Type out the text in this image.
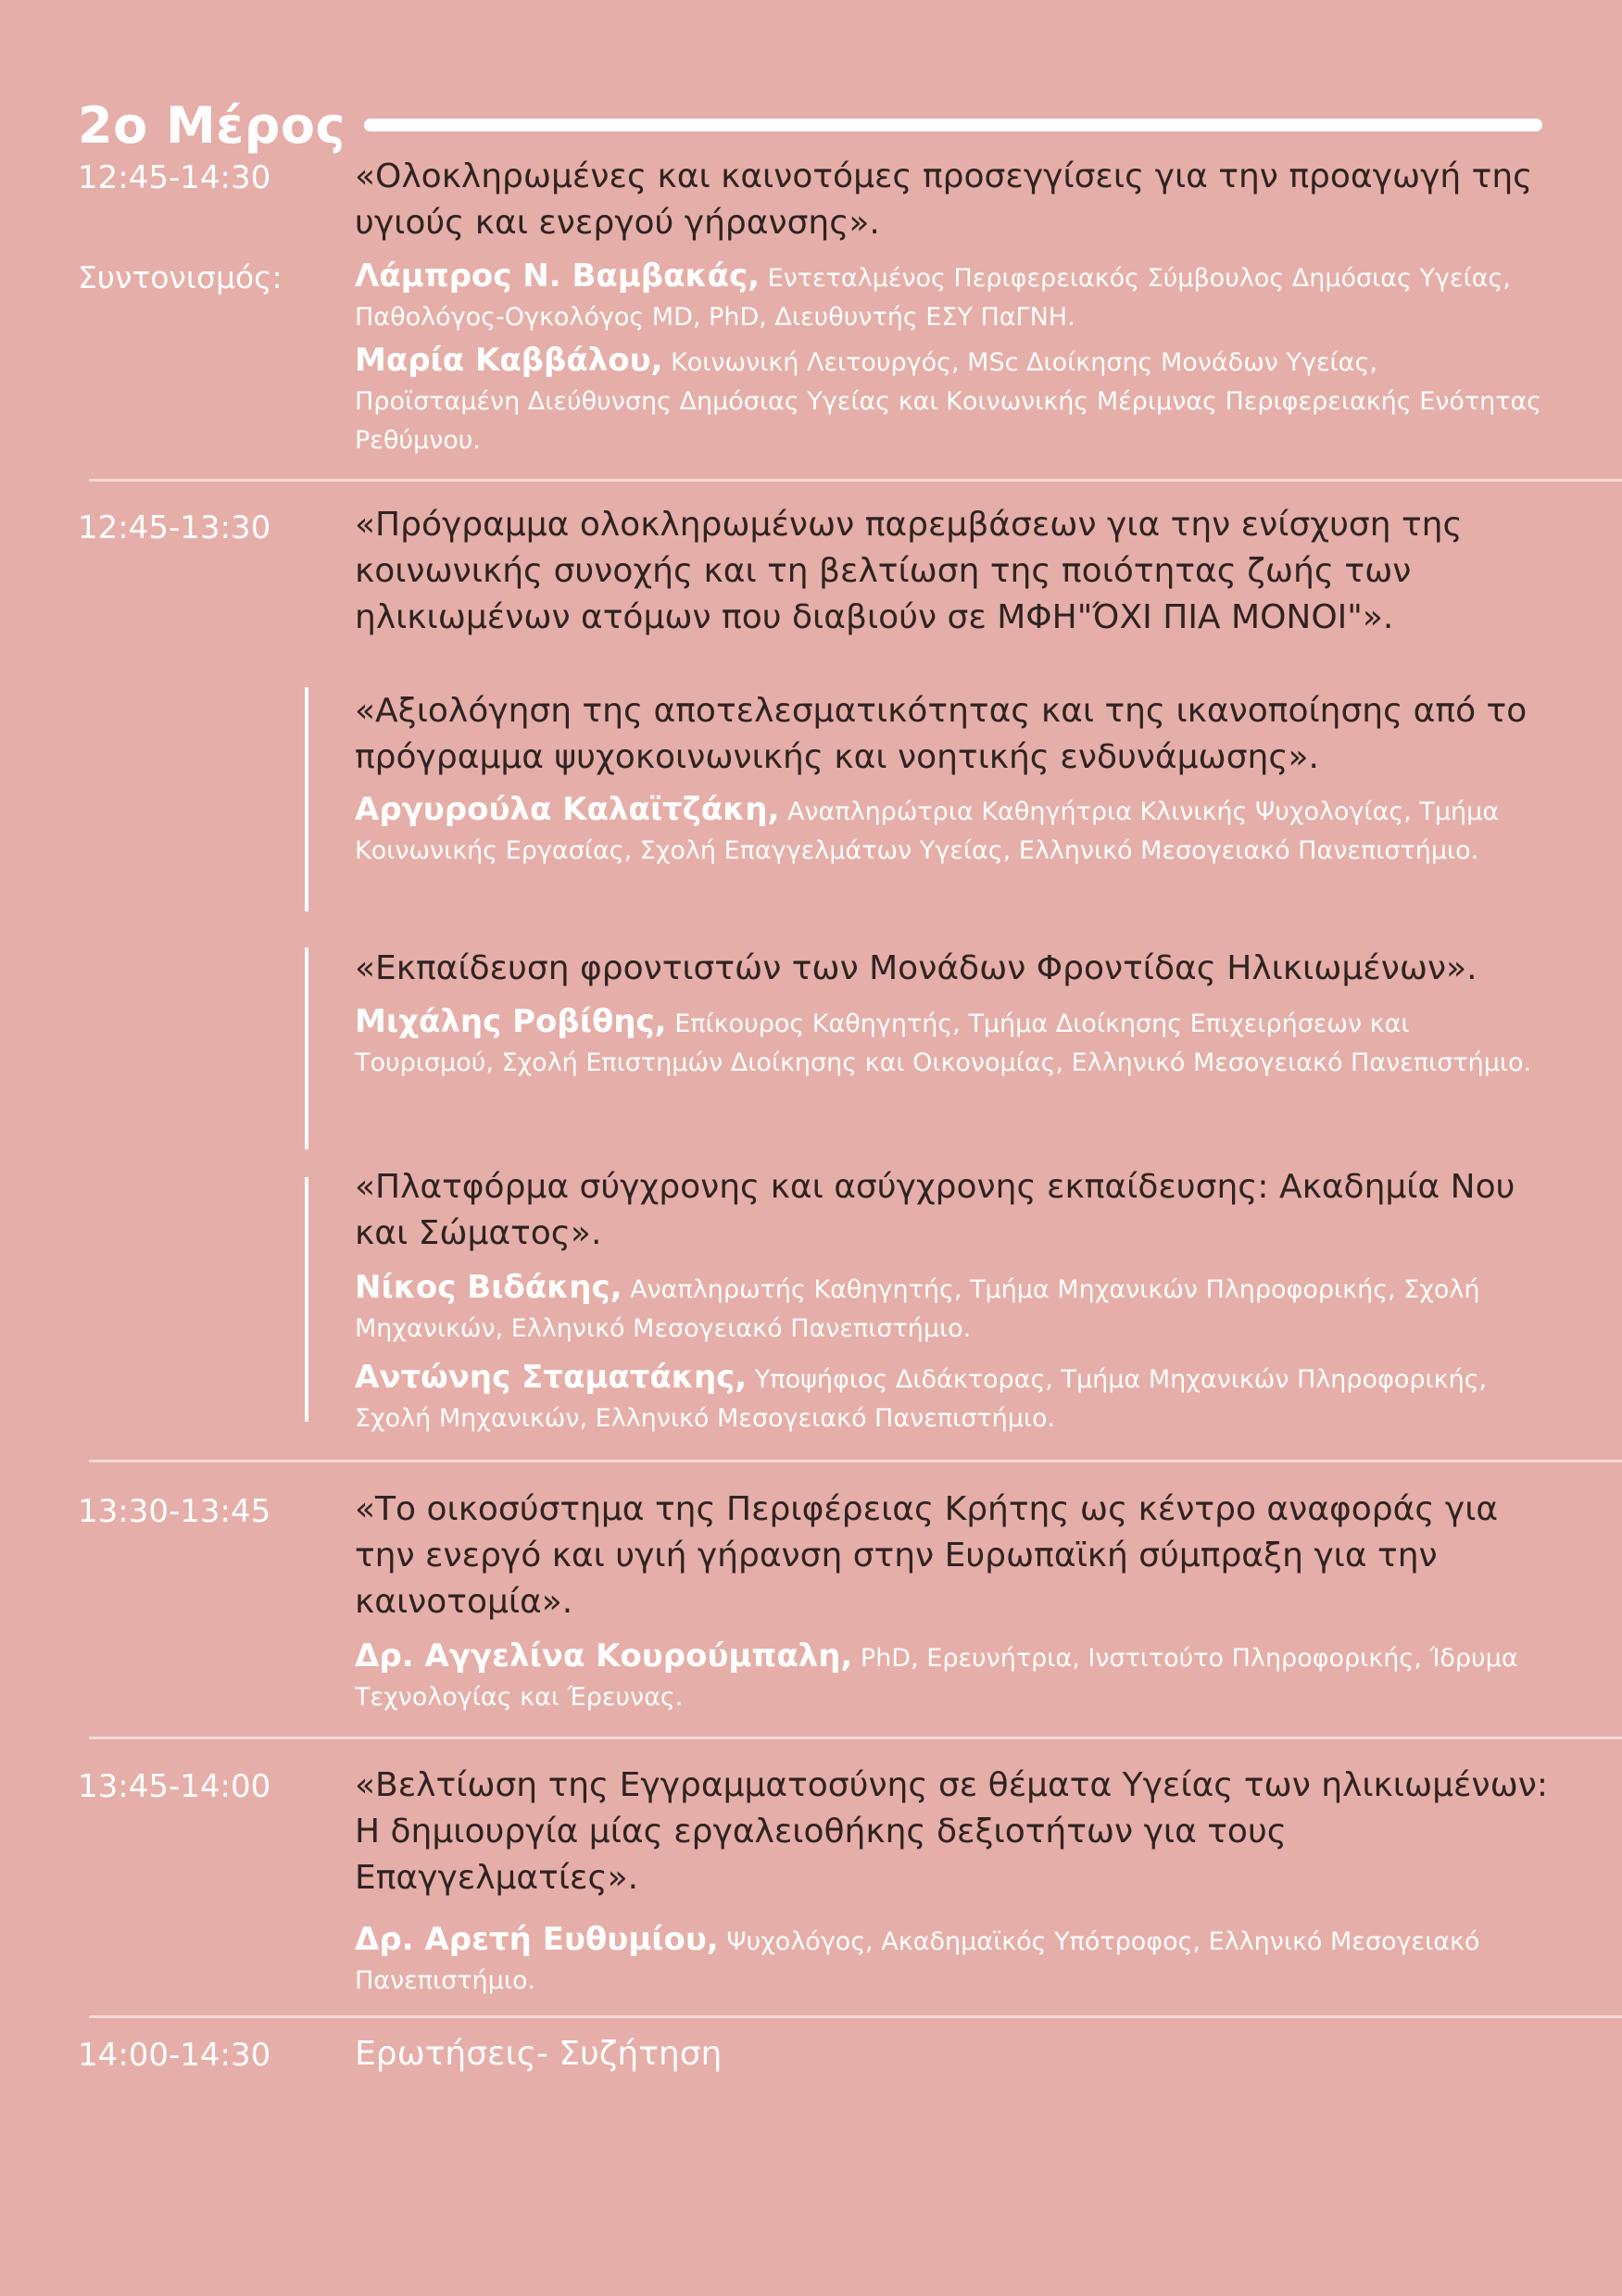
2ο Μέρος
12:45-14:30	«Ολοκληρωμένες και καινοτόμες προσεγγίσεις για την προαγωγή της υγιούς και ενεργού γήρανσης».
Συντονισμός:	Λάμπρος Ν. Βαμβακάς, Εντεταλμένος Περιφερειακός Σύμβουλος Δημόσιας Υγείας, Παθολόγος-Ογκολόγος MD, PhD, Διευθυντής ΕΣΥ ΠαΓΝΗ.
Μαρία Καββάλου, Κοινωνική Λειτουργός, MSc Διοίκησης Μονάδων Υγείας, Προϊσταμένη Διεύθυνσης Δημόσιας Υγείας και Κοινωνικής Μέριμνας Περιφερειακής Ενότητας Ρεθύμνου.
12:45-13:30	«Πρόγραμμα ολοκληρωμένων παρεμβάσεων για την ενίσχυση της κοινωνικής συνοχής και τη βελτίωση της ποιότητας ζωής των ηλικιωμένων ατόμων που διαβιούν σε ΜΦΗ"ΌΧΙ ΠΙΑ ΜΟΝΟΙ"».
«Αξιολόγηση της αποτελεσματικότητας και της ικανοποίησης από το πρόγραμμα ψυχοκοινωνικής και νοητικής ενδυνάμωσης».
Αργυρούλα Καλαϊτζάκη, Αναπληρώτρια Καθηγήτρια Κλινικής Ψυχολογίας, Τμήμα Κοινωνικής Εργασίας, Σχολή Επαγγελμάτων Υγείας, Ελληνικό Μεσογειακό Πανεπιστήμιο.
«Εκπαίδευση φροντιστών των Μονάδων Φροντίδας Ηλικιωμένων».
Μιχάλης Ροβίθης, Επίκουρος Καθηγητής, Τμήμα Διοίκησης Επιχειρήσεων και Τουρισμού, Σχολή Επιστημών Διοίκησης και Οικονομίας, Ελληνικό Μεσογειακό Πανεπιστήμιο.
«Πλατφόρμα σύγχρονης και ασύγχρονης εκπαίδευσης: Ακαδημία Νου και Σώματος».
Νίκος Βιδάκης, Αναπληρωτής Καθηγητής, Τμήμα Μηχανικών Πληροφορικής, Σχολή Μηχανικών, Ελληνικό Μεσογειακό Πανεπιστήμιο.
Αντώνης Σταματάκης, Υποψήφιος Διδάκτορας, Τμήμα Μηχανικών Πληροφορικής, Σχολή Μηχανικών, Ελληνικό Μεσογειακό Πανεπιστήμιο.
13:30-13:45	«Το οικοσύστημα της Περιφέρειας Κρήτης ως κέντρο αναφοράς για την ενεργό και υγιή γήρανση στην Ευρωπαϊκή σύμπραξη για την καινοτομία».
Δρ. Αγγελίνα Κουρούμπαλη, PhD, Ερευνήτρια, Ινστιτούτο Πληροφορικής, Ίδρυμα Τεχνολογίας και Έρευνας.
13:45-14:00	«Βελτίωση της Εγγραμματοσύνης σε θέματα Υγείας των ηλικιωμένων: Η δημιουργία μίας εργαλειοθήκης δεξιοτήτων για τους Επαγγελματίες».
Δρ. Αρετή Ευθυμίου, Ψυχολόγος, Ακαδημαϊκός Υπότροφος, Ελληνικό Μεσογειακό Πανεπιστήμιο.
14:00-14:30	Ερωτήσεις- Συζήτηση
